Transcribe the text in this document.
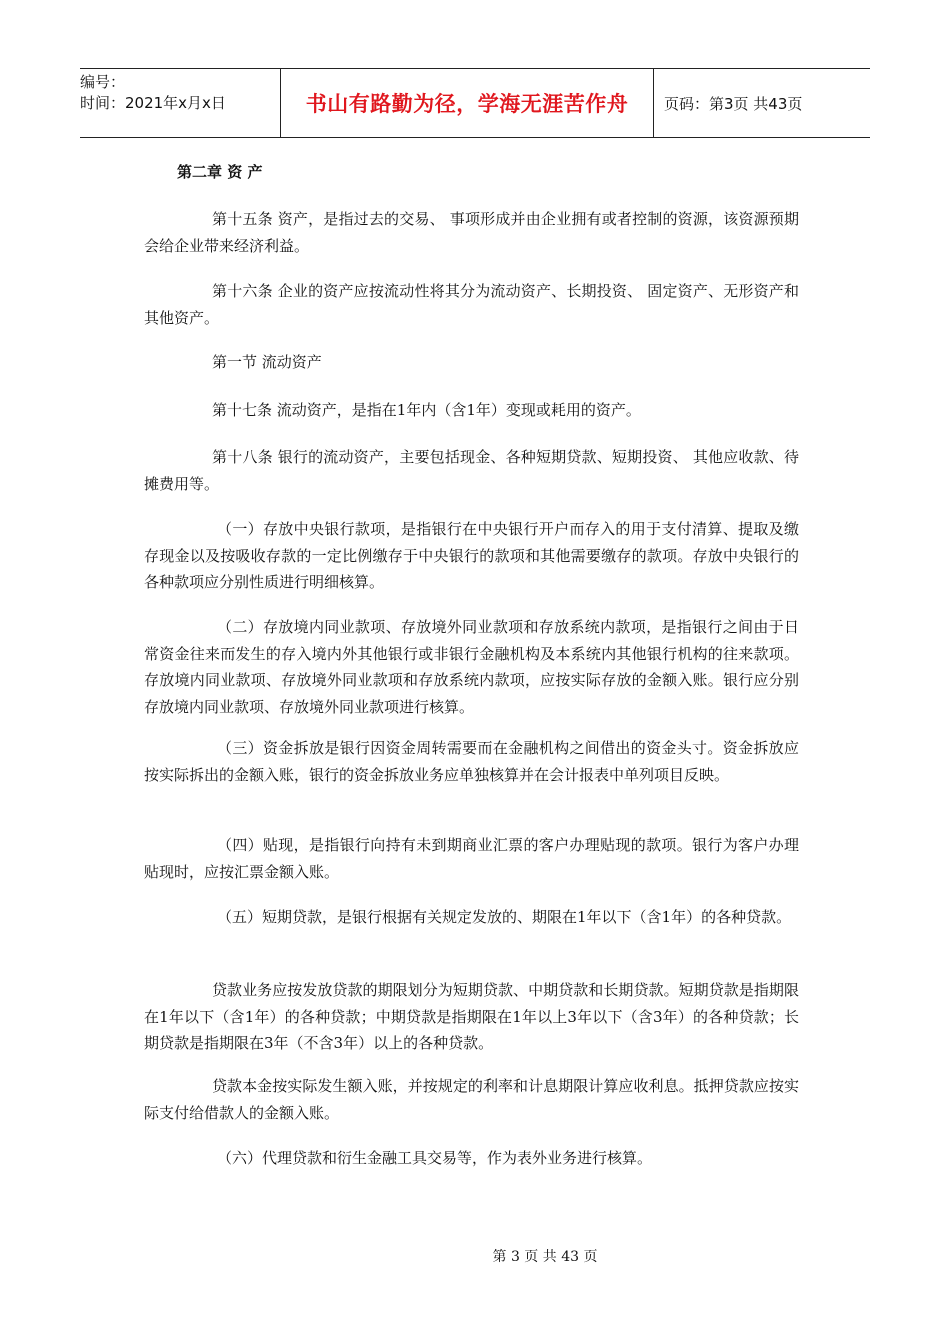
编号：
时间：2021年x月x日	书山有路勤为径，学海无涯苦作舟 页码：第3页 共43页
第二章 资 产

第十五条 资产，是指过去的交易、 事项形成并由企业拥有或者控制的资源，该资源预期会给企业带来经济利益。

第十六条 企业的资产应按流动性将其分为流动资产、长期投资、 固定资产、无形资产和其他资产。

第一节 流动资产

第十七条 流动资产，是指在1年内（含1年）变现或耗用的资产。

第十八条 银行的流动资产，主要包括现金、各种短期贷款、短期投资、 其他应收款、待摊费用等。

（一）存放中央银行款项，是指银行在中央银行开户而存入的用于支付清算、提取及缴存现金以及按吸收存款的一定比例缴存于中央银行的款项和其他需要缴存的款项。存放中央银行的各种款项应分别性质进行明细核算。

（二）存放境内同业款项、存放境外同业款项和存放系统内款项，是指银行之间由于日常资金往来而发生的存入境内外其他银行或非银行金融机构及本系统内其他银行机构的往来款项。存放境内同业款项、存放境外同业款项和存放系统内款项，应按实际存放的金额入账。银行应分别存放境内同业款项、存放境外同业款项进行核算。

（三）资金拆放是银行因资金周转需要而在金融机构之间借出的资金头寸。资金拆放应按实际拆出的金额入账，银行的资金拆放业务应单独核算并在会计报表中单列项目反映。

（四）贴现，是指银行向持有未到期商业汇票的客户办理贴现的款项。银行为客户办理贴现时，应按汇票金额入账。

（五）短期贷款，是银行根据有关规定发放的、期限在1年以下（含1年）的各种贷款。

贷款业务应按发放贷款的期限划分为短期贷款、中期贷款和长期贷款。短期贷款是指期限在1年以下（含1年）的各种贷款；中期贷款是指期限在1年以上3年以下（含3年）的各种贷款；长期贷款是指期限在3年（不含3年）以上的各种贷款。

贷款本金按实际发生额入账，并按规定的利率和计息期限计算应收利息。抵押贷款应按实际支付给借款人的金额入账。

（六）代理贷款和衍生金融工具交易等，作为表外业务进行核算。

第 3 页 共 43 页
